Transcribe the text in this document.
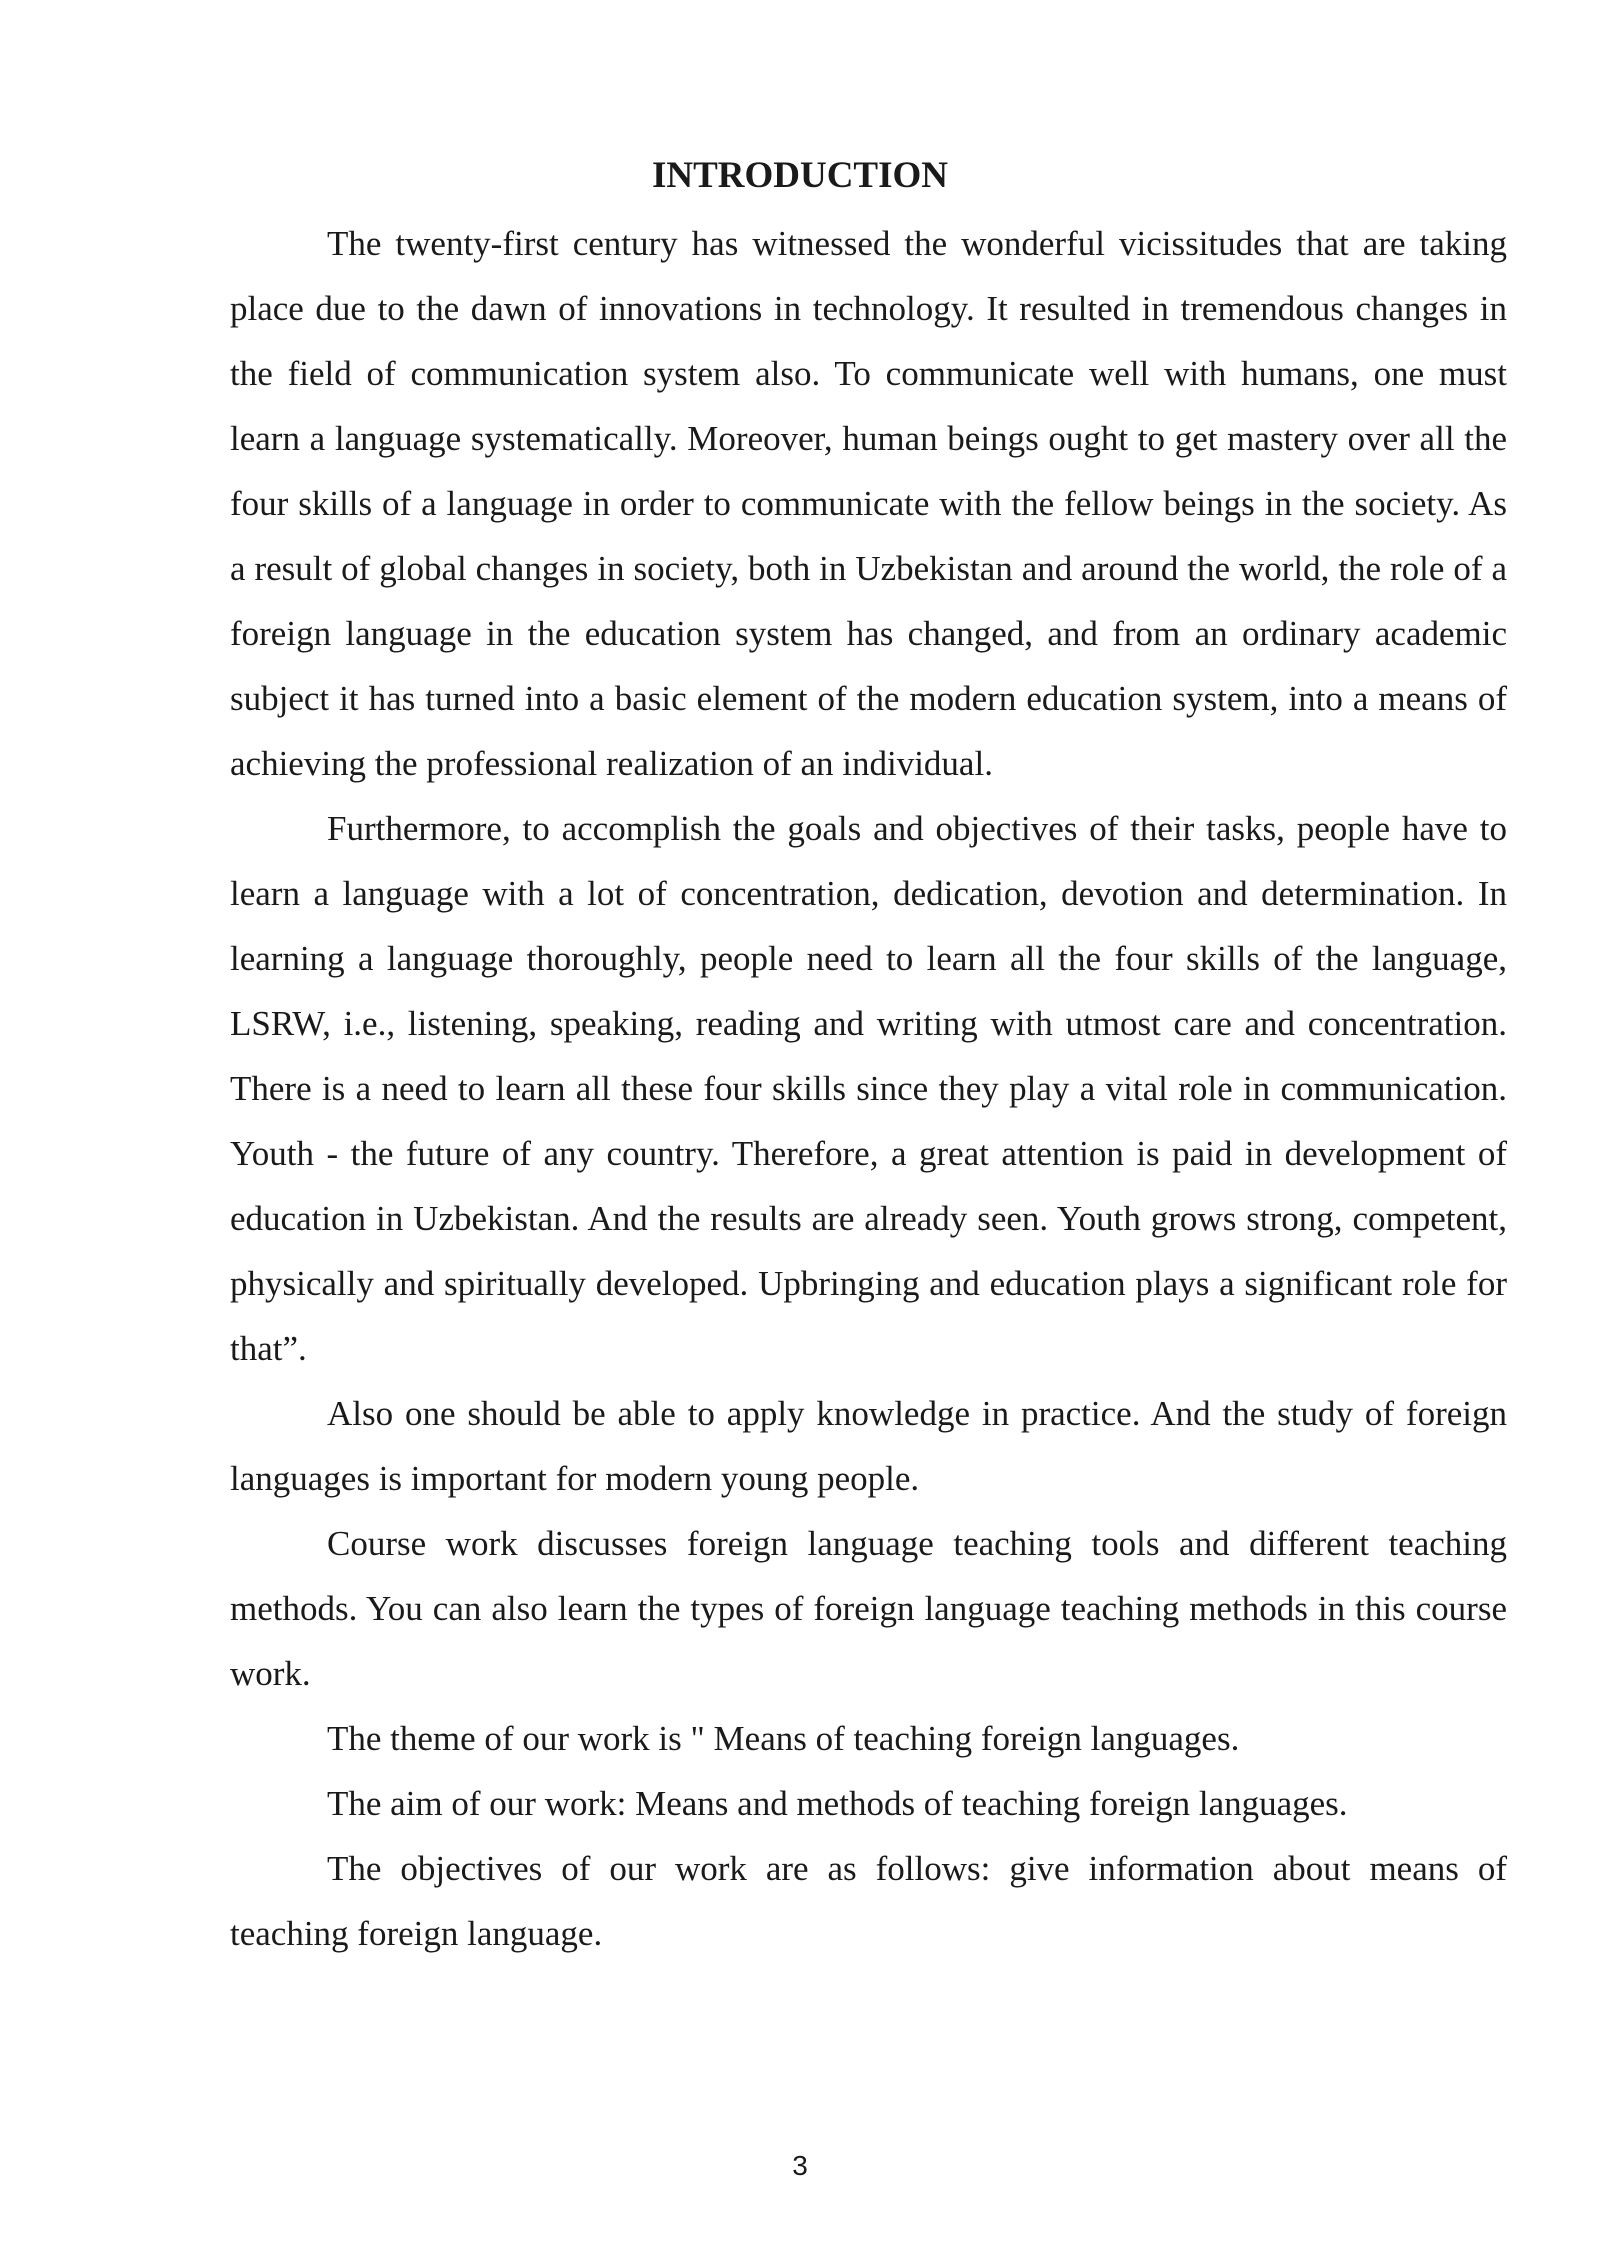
INTRODUCTION

The twenty-first century has witnessed the wonderful vicissitudes that are taking place due to the dawn of innovations in technology. It resulted in tremendous changes in the field of communication system also. To communicate well with humans, one must learn a language systematically. Moreover, human beings ought to get mastery over all the four skills of a language in order to communicate with the fellow beings in the society. As a result of global changes in society, both in Uzbekistan and around the world, the role of a foreign language in the education system has changed, and from an ordinary academic subject it has turned into a basic element of the modern education system, into a means of achieving the professional realization of an individual.

Furthermore, to accomplish the goals and objectives of their tasks, people have to learn a language with a lot of concentration, dedication, devotion and determination. In learning a language thoroughly, people need to learn all the four skills of the language, LSRW, i.e., listening, speaking, reading and writing with utmost care and concentration. There is a need to learn all these four skills since they play a vital role in communication. Youth - the future of any country. Therefore, a great attention is paid in development of education in Uzbekistan. And the results are already seen. Youth grows strong, competent, physically and spiritually developed. Upbringing and education plays a significant role for that”.

Also one should be able to apply knowledge in practice. And the study of foreign languages is important for modern young people.

Course work discusses foreign language teaching tools and different teaching methods. You can also learn the types of foreign language teaching methods in this course work.

The theme of our work is " Means of teaching foreign languages.

The aim of our work: Means and methods of teaching foreign languages.

The objectives of our work are as follows: give information about means of teaching foreign language.

3
